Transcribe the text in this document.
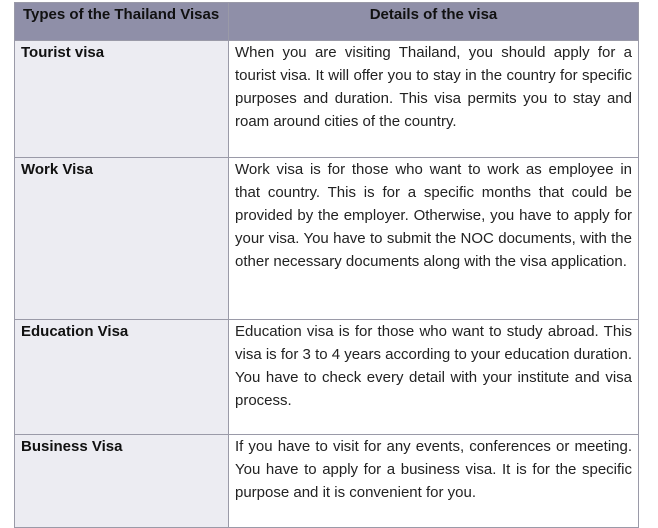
Types of the Thailand Visas	Details of the visa
Tourist visa	When you are visiting Thailand, you should apply for a tourist visa. It will offer you to stay in the country for specific purposes and duration. This visa permits you to stay and roam around cities of the country.
Work Visa	Work visa is for those who want to work as employee in that country. This is for a specific months that could be provided by the employer. Otherwise, you have to apply for your visa. You have to submit the NOC documents, with the other necessary documents along with the visa application.
Education Visa	Education visa is for those who want to study abroad. This visa is for 3 to 4 years according to your education duration. You have to check every detail with your institute and visa process.
Business Visa	If you have to visit for any events, conferences or meeting. You have to apply for a business visa. It is for the specific purpose and it is convenient for you.
